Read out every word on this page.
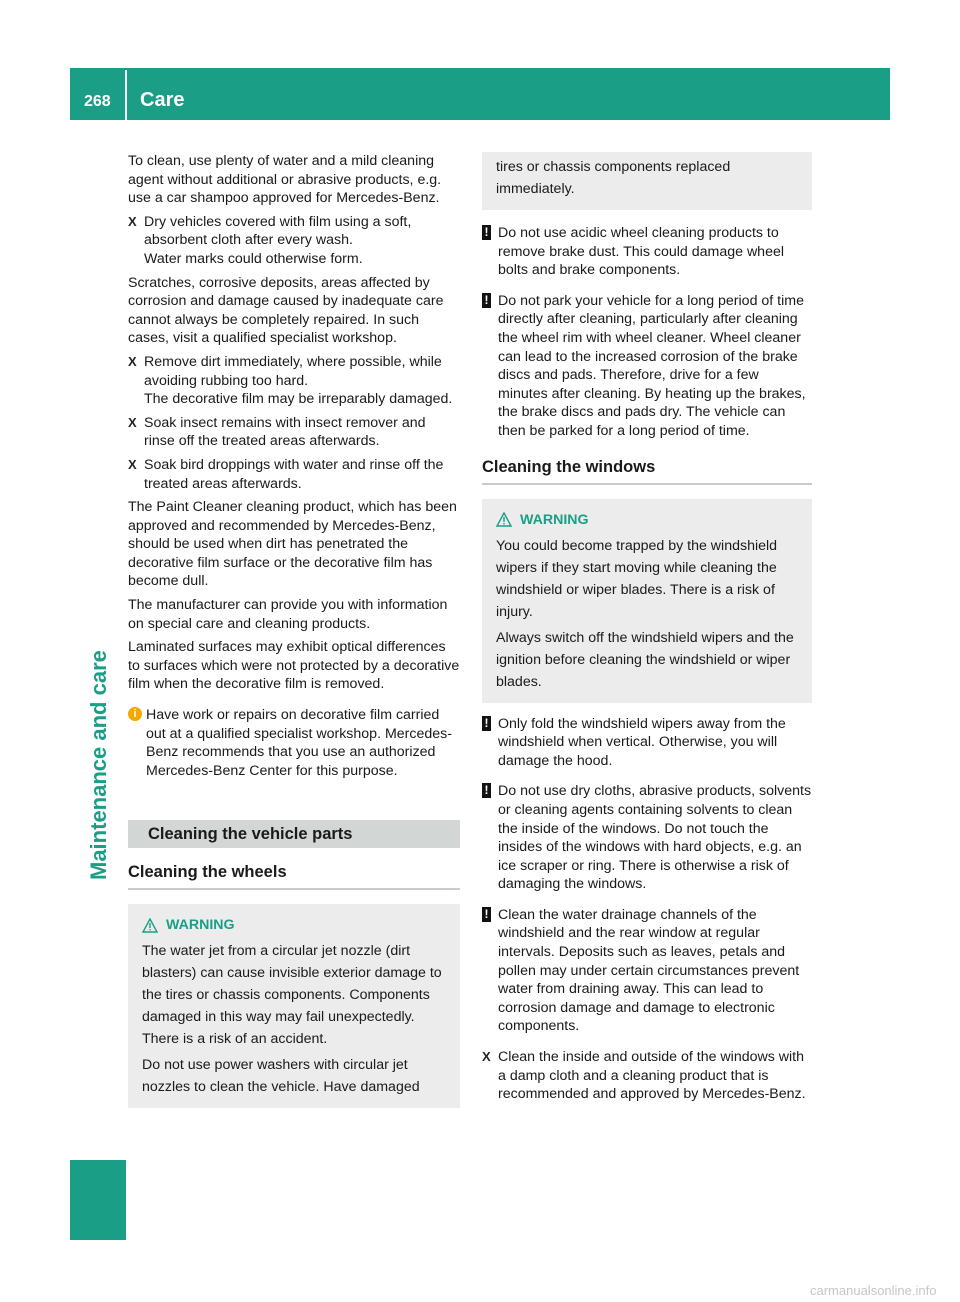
268 Care
Maintenance and care

To clean, use plenty of water and a mild cleaning agent without additional or abrasive products, e.g. use a car shampoo approved for Mercedes-Benz.

X Dry vehicles covered with film using a soft, absorbent cloth after every wash.
Water marks could otherwise form.

Scratches, corrosive deposits, areas affected by corrosion and damage caused by inadequate care cannot always be completely repaired. In such cases, visit a qualified specialist workshop.

X Remove dirt immediately, where possible, while avoiding rubbing too hard.
The decorative film may be irreparably damaged.
X Soak insect remains with insect remover and rinse off the treated areas afterwards.
X Soak bird droppings with water and rinse off the treated areas afterwards.

The Paint Cleaner cleaning product, which has been approved and recommended by Mercedes-Benz, should be used when dirt has penetrated the decorative film surface or the decorative film has become dull.

The manufacturer can provide you with information on special care and cleaning products.

Laminated surfaces may exhibit optical differences to surfaces which were not protected by a decorative film when the decorative film is removed.

i Have work or repairs on decorative film carried out at a qualified specialist workshop. Mercedes-Benz recommends that you use an authorized Mercedes-Benz Center for this purpose.
Cleaning the vehicle parts
Cleaning the wheels
WARNING

The water jet from a circular jet nozzle (dirt blasters) can cause invisible exterior damage to the tires or chassis components. Components damaged in this way may fail unexpectedly. There is a risk of an accident.

Do not use power washers with circular jet nozzles to clean the vehicle. Have damaged

tires or chassis components replaced immediately.

! Do not use acidic wheel cleaning products to remove brake dust. This could damage wheel bolts and brake components.
! Do not park your vehicle for a long period of time directly after cleaning, particularly after cleaning the wheel rim with wheel cleaner. Wheel cleaner can lead to the increased corrosion of the brake discs and pads. Therefore, drive for a few minutes after cleaning. By heating up the brakes, the brake discs and pads dry. The vehicle can then be parked for a long period of time.
Cleaning the windows
WARNING

You could become trapped by the windshield wipers if they start moving while cleaning the windshield or wiper blades. There is a risk of injury.

Always switch off the windshield wipers and the ignition before cleaning the windshield or wiper blades.

! Only fold the windshield wipers away from the windshield when vertical. Otherwise, you will damage the hood.
! Do not use dry cloths, abrasive products, solvents or cleaning agents containing solvents to clean the inside of the windows. Do not touch the insides of the windows with hard objects, e.g. an ice scraper or ring. There is otherwise a risk of damaging the windows.
! Clean the water drainage channels of the windshield and the rear window at regular intervals. Deposits such as leaves, petals and pollen may under certain circumstances prevent water from draining away. This can lead to corrosion damage and damage to electronic components.
X Clean the inside and outside of the windows with a damp cloth and a cleaning product that is recommended and approved by Mercedes-Benz.
carmanualsonline.info
